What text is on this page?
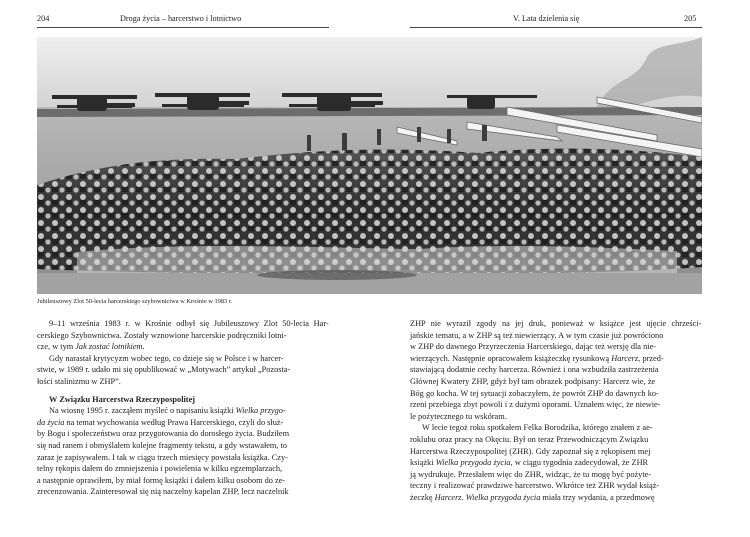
204	Droga życia – harcerstwo i lotnictwo	V. Lata dzielenia się	205
Jubileuszowy Zlot 50-lecia harcerskiego szybownictwa w Krośnie w 1983 r.

9–11 września 1983 r. w Krośnie odbył się Jubileuszowy Zlot 50-lecia Har-

cerskiego Szybownictwa. Zostały wznowione harcerskie podręczniki lotni-

cze, w tym Jak zostać lotnikiem.

Gdy narastał krytycyzm wobec tego, co dzieje się w Polsce i w harcer-

stwie, w 1989 r. udało mi się opublikować w „Motywach” artykuł „Pozosta-

łości stalinizmu w ZHP”.

W Związku Harcerstwa Rzeczypospolitej

Na wiosnę 1995 r. zacząłem myśleć o napisaniu książki Wielka przygo-

da życia na temat wychowania według Prawa Harcerskiego, czyli do służ-

by Bogu i społeczeństwu oraz przygotowania do dorosłego życia. Budziłem

się nad ranem i obmyślałem kolejne fragmenty tekstu, a gdy wstawałem, to

zaraz je zapisywałem. I tak w ciągu trzech miesięcy powstała książka. Czy-

telny rękopis dałem do zmniejszenia i powielenia w kilku egzemplarzach,

a następnie oprawiłem, by miał formę książki i dałem kilku osobom do ze-

zrecenzowania. Zainteresował się nią naczelny kapelan ZHP, lecz naczelnik

ZHP nie wyraził zgody na jej druk, ponieważ w książce jest ujęcie chrześci-

jańskie tematu, a w ZHP są też niewierzący. A w tym czasie już powróciono

w ZHP do dawnego Przyrzeczenia Harcerskiego, dając też wersję dla nie-

wierzących. Następnie opracowałem książeczkę rysunkową Harcerz, przed-

stawiającą dodatnie cechy harcerza. Również i ona wzbudziła zastrzeżenia

Głównej Kwatery ZHP, gdyż był tam obrazek podpisany: Harcerz wie, że

Bóg go kocha. W tej sytuacji zobaczyłem, że powrót ZHP do dawnych ko-

rzeni przebiega zbyt powoli i z dużymi oporami. Uznałem więc, że niewie-

le pożytecznego tu wskóram.

W lecie tegoż roku spotkałem Felka Borodzika, którego znałem z ae-

roklubu oraz pracy na Okęciu. Był on teraz Przewodniczącym Związku

Harcerstwa Rzeczypospolitej (ZHR). Gdy zapoznał się z rękopisem mej

książki Wielka przygoda życia, w ciągu tygodnia zadecydował, że ZHR

ją wydrukuje. Przesłałem więc do ZHR, widząc, że tu mogę być pożyte-

teczny i realizować prawdziwe harcerstwo. Wkrótce też ZHR wydał książ-

żeczkę Harcerz. Wielka przygoda życia miała trzy wydania, a przedmowę
